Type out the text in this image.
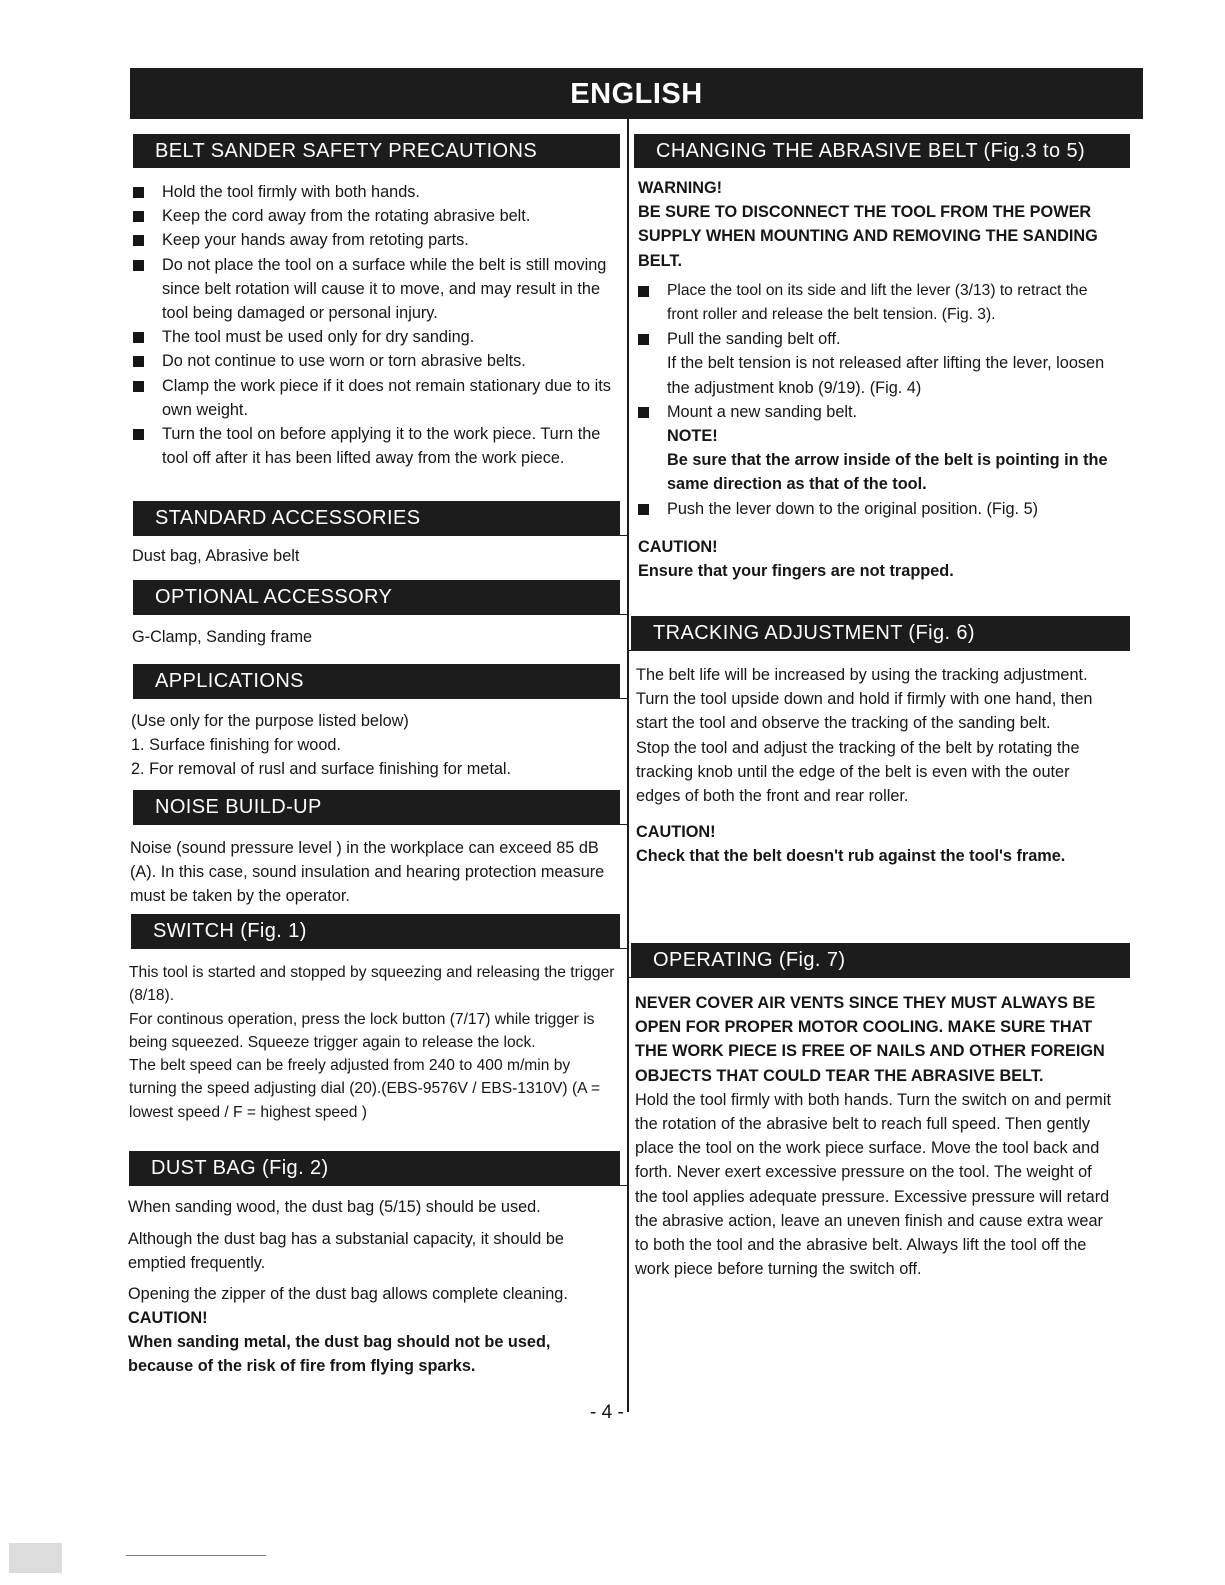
ENGLISH
BELT SANDER SAFETY PRECAUTIONS
Hold the tool firmly with both hands.
Keep the cord away from the rotating abrasive belt.
Keep your hands away from retoting parts.
Do not place the tool on a surface while the belt is still moving since belt rotation will cause it to move, and may result in the tool being damaged or personal injury.
The tool must be used only for dry sanding.
Do not continue to use worn or torn abrasive belts.
Clamp the work piece if it does not remain stationary due to its own weight.
Turn the tool on before applying it to the work piece. Turn the tool off after it has been lifted away from the work piece.
STANDARD ACCESSORIES

Dust bag, Abrasive belt

OPTIONAL ACCESSORY

G-Clamp, Sanding frame

APPLICATIONS

(Use only for the purpose listed below)

1. Surface finishing for wood.

2. For removal of rusl and surface finishing for metal.

NOISE BUILD-UP

Noise (sound pressure level ) in the workplace can exceed 85 dB (A). In this case, sound insulation and hearing protection measure must be taken by the operator.

SWITCH (Fig. 1)

This tool is started and stopped by squeezing and releasing the trigger (8/18).

For continous operation, press the lock button (7/17) while trigger is being squeezed. Squeeze trigger again to release the lock.

The belt speed can be freely adjusted from 240 to 400 m/min by turning the speed adjusting dial (20).(EBS-9576V / EBS-1310V) (A = lowest speed / F = highest speed )

DUST BAG (Fig. 2)

When sanding wood, the dust bag (5/15) should be used.

Although the dust bag has a substanial capacity, it should be emptied frequently.

Opening the zipper of the dust bag allows complete cleaning.

CAUTION!

When sanding metal, the dust bag should not be used, because of the risk of fire from flying sparks.

CHANGING THE ABRASIVE BELT (Fig.3 to 5)

WARNING!

BE SURE TO DISCONNECT THE TOOL FROM THE POWER SUPPLY WHEN MOUNTING AND REMOVING THE SANDING BELT.

Place the tool on its side and lift the lever (3/13) to retract the front roller and release the belt tension. (Fig. 3).
Pull the sanding belt off.
If the belt tension is not released after lifting the lever, loosen the adjustment knob (9/19). (Fig. 4)
Mount a new sanding belt.
NOTE!
Be sure that the arrow inside of the belt is pointing in the same direction as that of the tool.
Push the lever down to the original position. (Fig. 5)

CAUTION!

Ensure that your fingers are not trapped.

TRACKING ADJUSTMENT (Fig. 6)

The belt life will be increased by using the tracking adjustment.

Turn the tool upside down and hold if firmly with one hand, then start the tool and observe the tracking of the sanding belt.

Stop the tool and adjust the tracking of the belt by rotating the tracking knob until the edge of the belt is even with the outer edges of both the front and rear roller.

CAUTION!

Check that the belt doesn't rub against the tool's frame.

OPERATING (Fig. 7)

NEVER COVER AIR VENTS SINCE THEY MUST ALWAYS BE OPEN FOR PROPER MOTOR COOLING. MAKE SURE THAT THE WORK PIECE IS FREE OF NAILS AND OTHER FOREIGN OBJECTS THAT COULD TEAR THE ABRASIVE BELT.

Hold the tool firmly with both hands. Turn the switch on and permit the rotation of the abrasive belt to reach full speed. Then gently place the tool on the work piece surface. Move the tool back and forth. Never exert excessive pressure on the tool. The weight of the tool applies adequate pressure. Excessive pressure will retard the abrasive action, leave an uneven finish and cause extra wear to both the tool and the abrasive belt. Always lift the tool off the work piece before turning the switch off.

- 4 -
